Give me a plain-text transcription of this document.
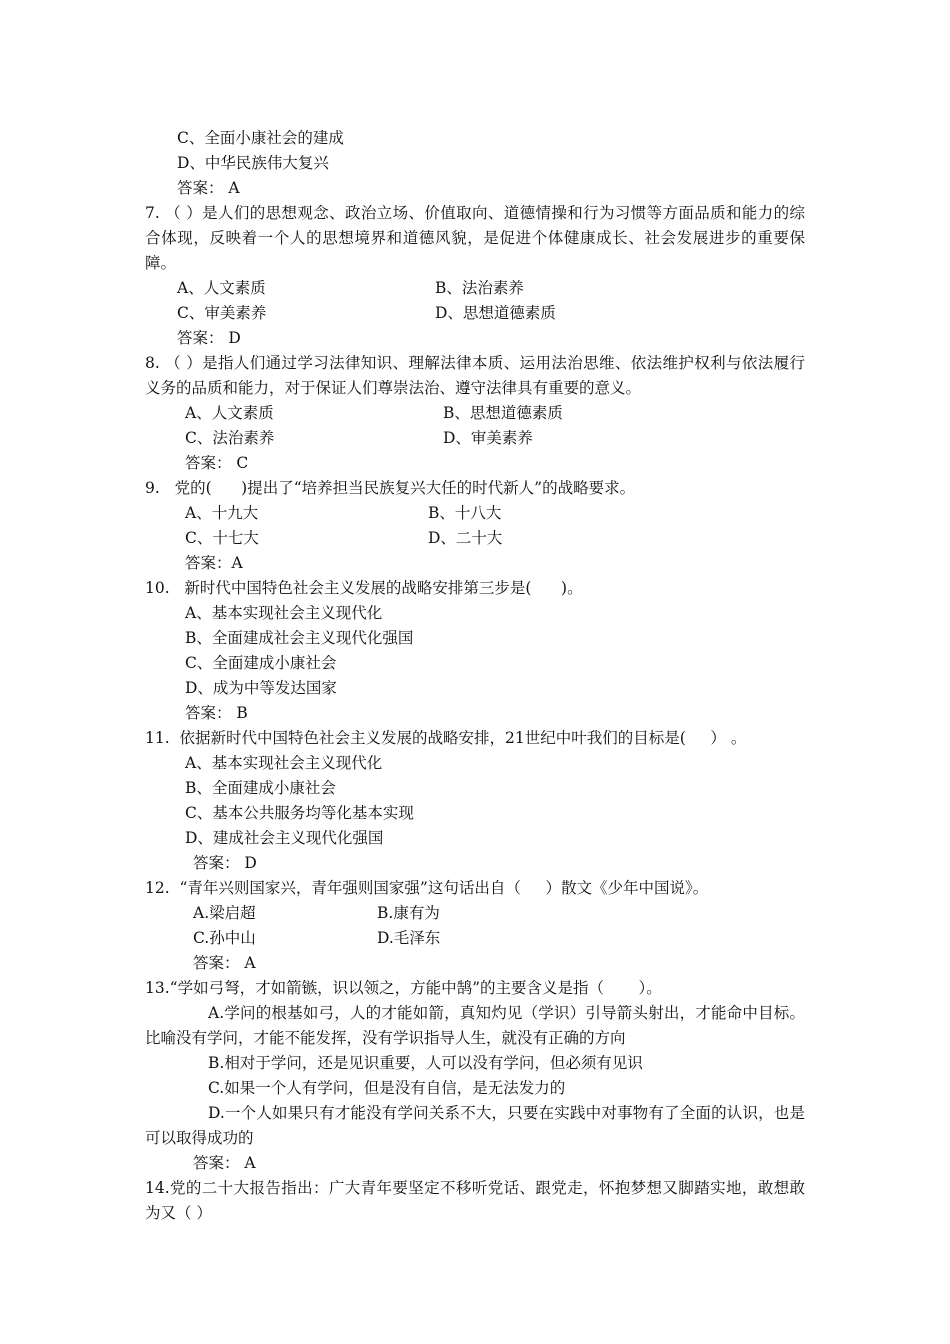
C、全面小康社会的建成
D、中华民族伟大复兴
答案： A
7. （ ）是人们的思想观念、政治立场、价值取向、道德情操和行为习惯等方面品质和能力的综合体现，反映着一个人的思想境界和道德风貌，是促进个体健康成长、社会发展进步的重要保障。
A、人文素质	B、法治素养
C、审美素养	D、思想道德素质
答案： D
8. （ ）是指人们通过学习法律知识、理解法律本质、运用法治思维、依法维护权利与依法履行义务的品质和能力，对于保证人们尊崇法治、遵守法律具有重要的意义。
A、人文素质	B、思想道德素质
C、法治素养	D、审美素养
答案： C
9.   党的(      )提出了“培养担当民族复兴大任的时代新人”的战略要求。
A、十九大	B、十八大
C、十七大	D、二十大
答案：A
10.   新时代中国特色社会主义发展的战略安排第三步是(      )。
A、基本实现社会主义现代化
B、全面建成社会主义现代化强国
C、全面建成小康社会
D、成为中等发达国家
答案： B
11.  依据新时代中国特色社会主义发展的战略安排，21世纪中叶我们的目标是(     ） 。
A、基本实现社会主义现代化
B、全面建成小康社会
C、基本公共服务均等化基本实现
D、建成社会主义现代化强国
答案： D
12.  “青年兴则国家兴，青年强则国家强”这句话出自（     ）散文《少年中国说》。
A.梁启超	B.康有为
C.孙中山	D.毛泽东
答案： A
13.“学如弓弩，才如箭镞，识以领之，方能中鹄”的主要含义是指（       ）。
A.学问的根基如弓，人的才能如箭，真知灼见（学识）引导箭头射出，才能命中目标。比喻没有学问，才能不能发挥，没有学识指导人生，就没有正确的方向
B.相对于学问，还是见识重要，人可以没有学问，但必须有见识
C.如果一个人有学问，但是没有自信，是无法发力的
D.一个人如果只有才能没有学问关系不大，只要在实践中对事物有了全面的认识，也是可以取得成功的
答案： A
14.党的二十大报告指出：广大青年要坚定不移听党话、跟党走，怀抱梦想又脚踏实地，敢想敢为又（ ）
